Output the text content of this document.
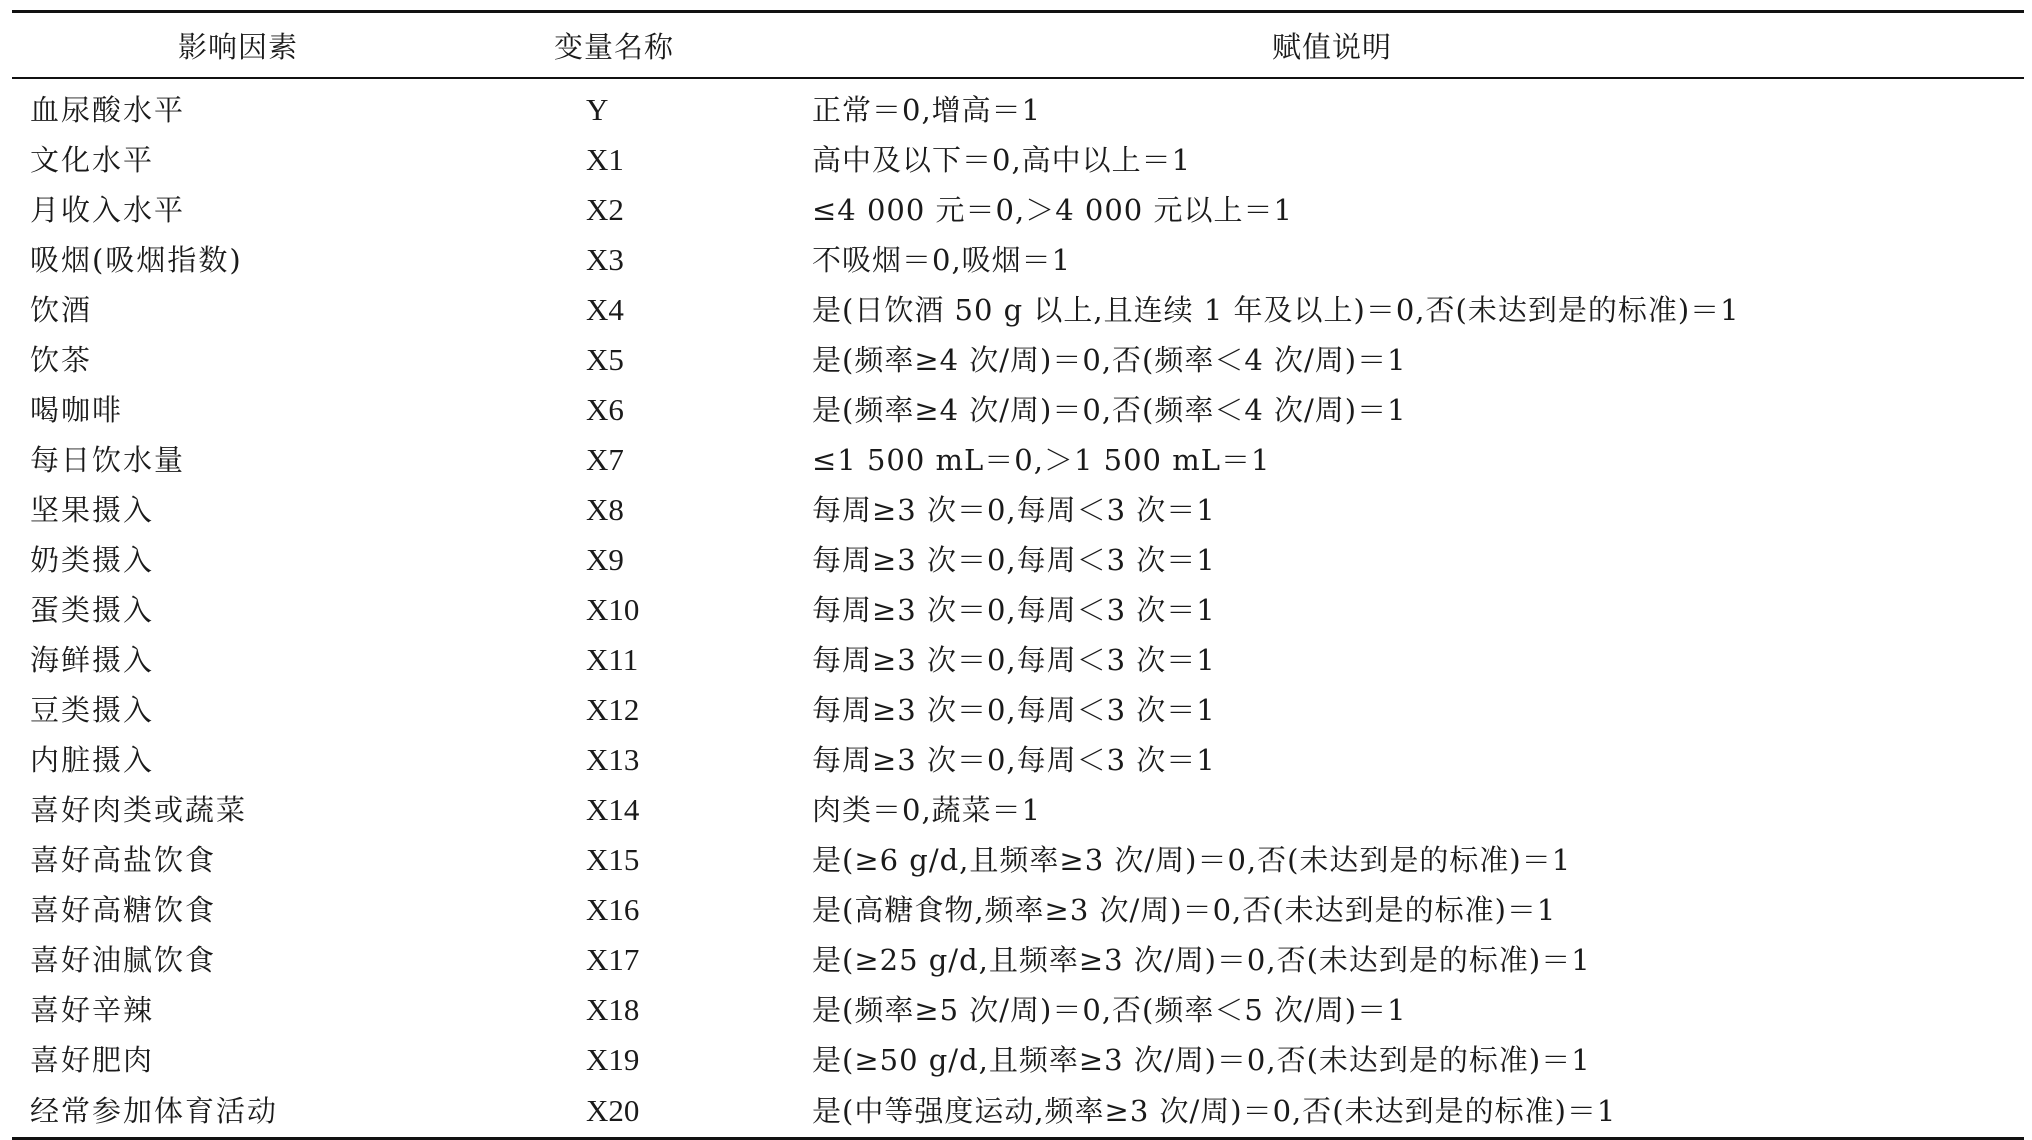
影响因素	变量名称	赋值说明
血尿酸水平	Y	正常＝0,增高＝1
文化水平	X1	高中及以下＝0,高中以上＝1
月收入水平	X2	≤4 000 元＝0,＞4 000 元以上＝1
吸烟(吸烟指数)	X3	不吸烟＝0,吸烟＝1
饮酒	X4	是(日饮酒 50 g 以上,且连续 1 年及以上)＝0,否(未达到是的标准)＝1
饮茶	X5	是(频率≥4 次/周)＝0,否(频率＜4 次/周)＝1
喝咖啡	X6	是(频率≥4 次/周)＝0,否(频率＜4 次/周)＝1
每日饮水量	X7	≤1 500 mL＝0,＞1 500 mL＝1
坚果摄入	X8	每周≥3 次＝0,每周＜3 次＝1
奶类摄入	X9	每周≥3 次＝0,每周＜3 次＝1
蛋类摄入	X10	每周≥3 次＝0,每周＜3 次＝1
海鲜摄入	X11	每周≥3 次＝0,每周＜3 次＝1
豆类摄入	X12	每周≥3 次＝0,每周＜3 次＝1
内脏摄入	X13	每周≥3 次＝0,每周＜3 次＝1
喜好肉类或蔬菜	X14	肉类＝0,蔬菜＝1
喜好高盐饮食	X15	是(≥6 g/d,且频率≥3 次/周)＝0,否(未达到是的标准)＝1
喜好高糖饮食	X16	是(高糖食物,频率≥3 次/周)＝0,否(未达到是的标准)＝1
喜好油腻饮食	X17	是(≥25 g/d,且频率≥3 次/周)＝0,否(未达到是的标准)＝1
喜好辛辣	X18	是(频率≥5 次/周)＝0,否(频率＜5 次/周)＝1
喜好肥肉	X19	是(≥50 g/d,且频率≥3 次/周)＝0,否(未达到是的标准)＝1
经常参加体育活动	X20	是(中等强度运动,频率≥3 次/周)＝0,否(未达到是的标准)＝1
